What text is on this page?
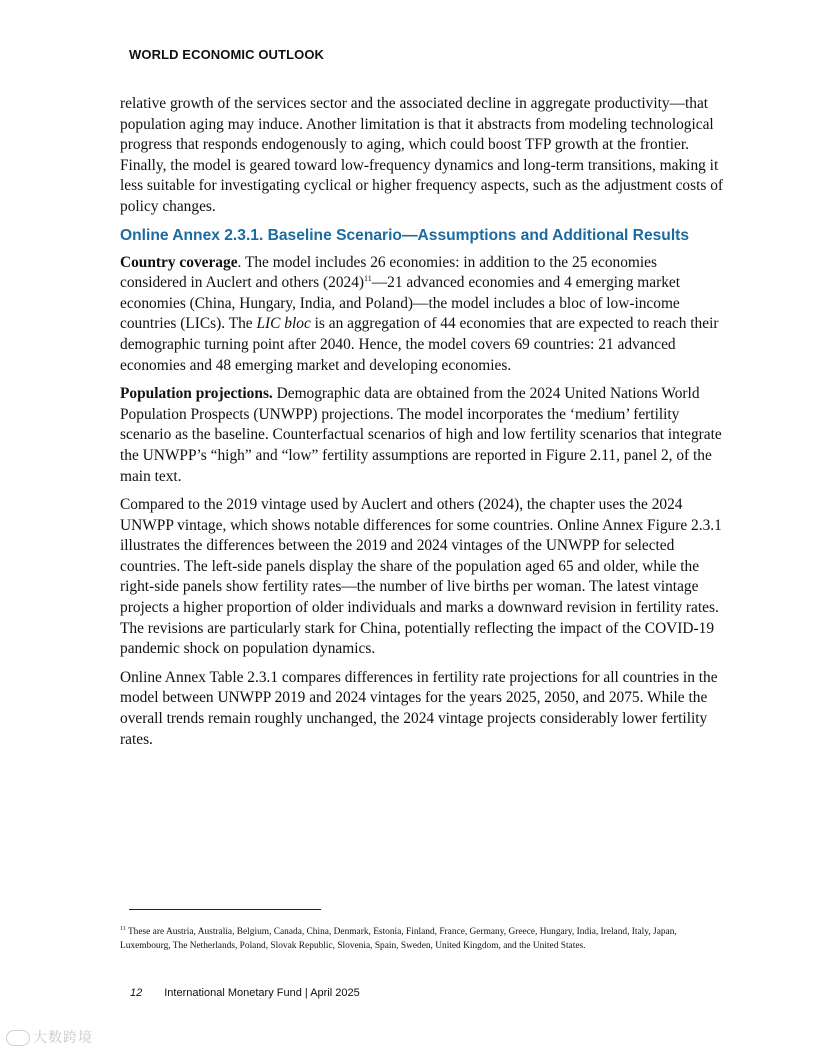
WORLD ECONOMIC OUTLOOK

relative growth of the services sector and the associated decline in aggregate productivity—that population aging may induce. Another limitation is that it abstracts from modeling technological progress that responds endogenously to aging, which could boost TFP growth at the frontier. Finally, the model is geared toward low-frequency dynamics and long-term transitions, making it less suitable for investigating cyclical or higher frequency aspects, such as the adjustment costs of policy changes.

Online Annex 2.3.1. Baseline Scenario—Assumptions and Additional Results

Country coverage. The model includes 26 economies: in addition to the 25 economies considered in Auclert and others (2024)$^{11}$—21 advanced economies and 4 emerging market economies (China, Hungary, India, and Poland)—the model includes a bloc of low-income countries (LICs). The LIC bloc is an aggregation of 44 economies that are expected to reach their demographic turning point after 2040. Hence, the model covers 69 countries: 21 advanced economies and 48 emerging market and developing economies.

Population projections. Demographic data are obtained from the 2024 United Nations World Population Prospects (UNWPP) projections. The model incorporates the ‘medium’ fertility scenario as the baseline. Counterfactual scenarios of high and low fertility scenarios that integrate the UNWPP’s “high” and “low” fertility assumptions are reported in Figure 2.11, panel 2, of the main text.

Compared to the 2019 vintage used by Auclert and others (2024), the chapter uses the 2024 UNWPP vintage, which shows notable differences for some countries. Online Annex Figure 2.3.1 illustrates the differences between the 2019 and 2024 vintages of the UNWPP for selected countries. The left-side panels display the share of the population aged 65 and older, while the right-side panels show fertility rates—the number of live births per woman. The latest vintage projects a higher proportion of older individuals and marks a downward revision in fertility rates. The revisions are particularly stark for China, potentially reflecting the impact of the COVID-19 pandemic shock on population dynamics.

Online Annex Table 2.3.1 compares differences in fertility rate projections for all countries in the model between UNWPP 2019 and 2024 vintages for the years 2025, 2050, and 2075. While the overall trends remain roughly unchanged, the 2024 vintage projects considerably lower fertility rates.

$^{11}$ These are Austria, Australia, Belgium, Canada, China, Denmark, Estonia, Finland, France, Germany, Greece, Hungary, India, Ireland, Italy, Japan, Luxembourg, The Netherlands, Poland, Slovak Republic, Slovenia, Spain, Sweden, United Kingdom, and the United States.
12 International Monetary Fund | April 2025
大数跨境
